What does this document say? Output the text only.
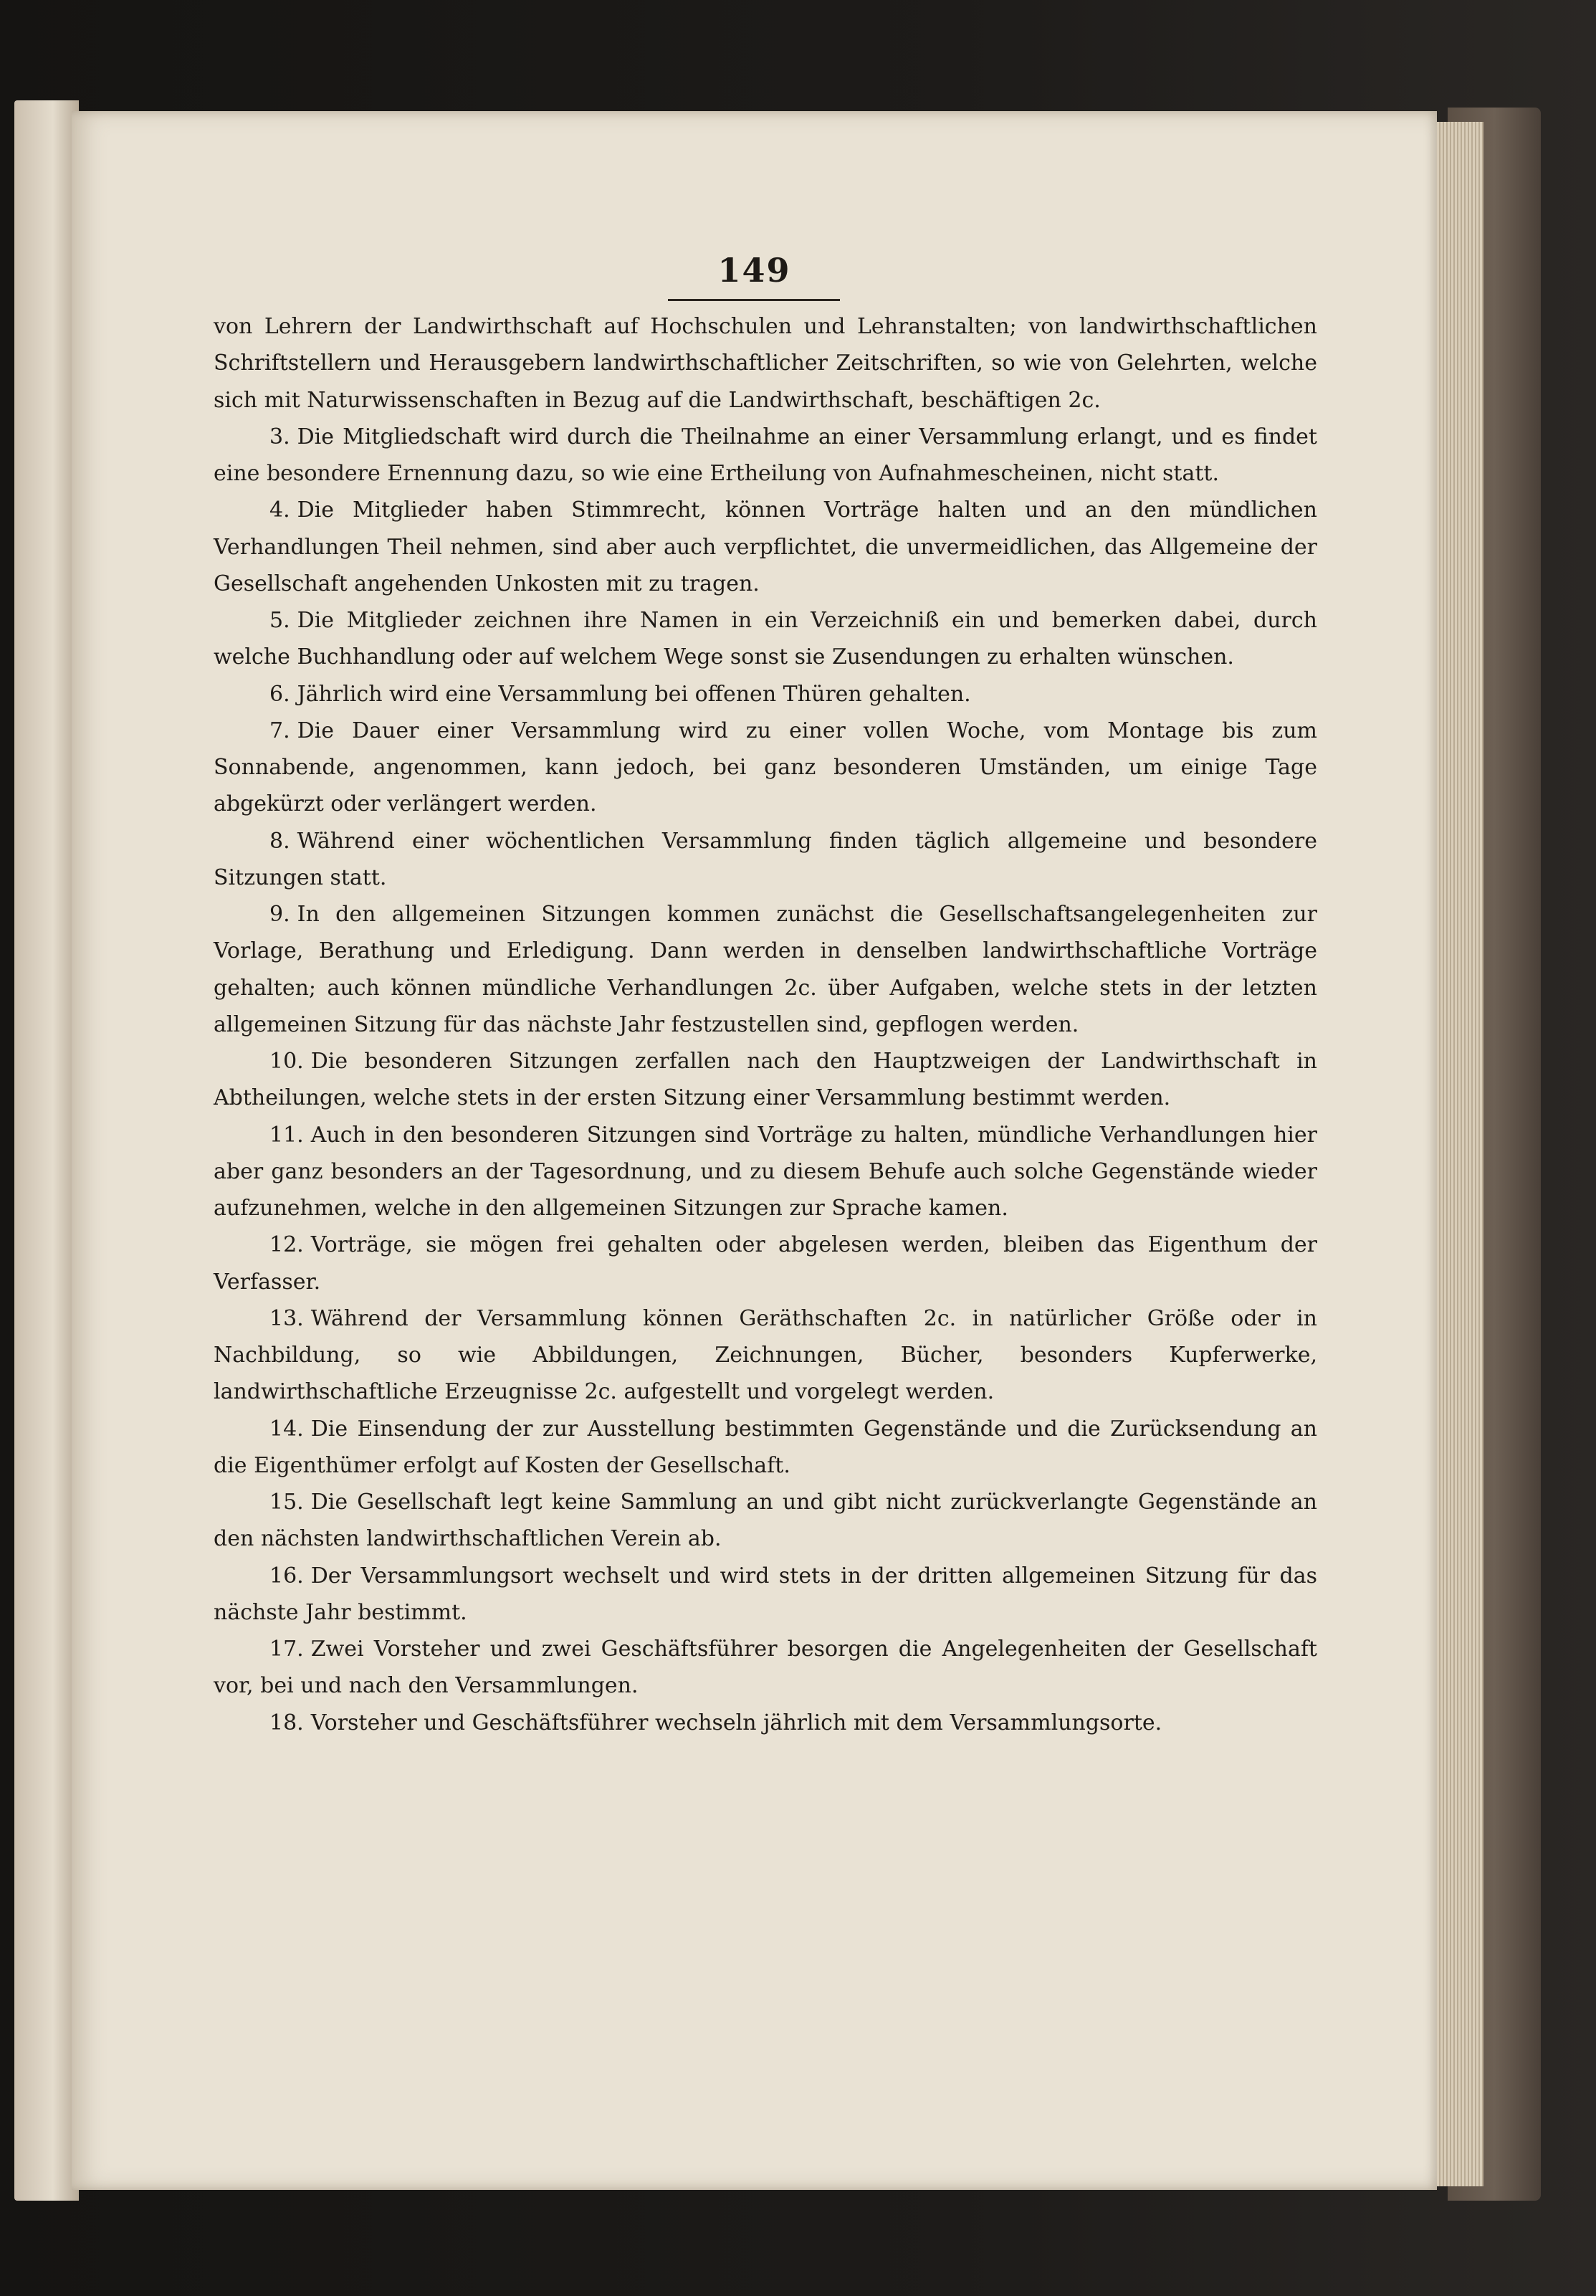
149

von Lehrern der Landwirthschaft auf Hochschulen und Lehranstalten; von landwirthschaftlichen Schriftstellern und Herausgebern landwirthschaftlicher Zeitschriften, so wie von Gelehrten, welche sich mit Naturwissenschaften in Bezug auf die Landwirthschaft, beschäftigen 2c.

3. Die Mitgliedschaft wird durch die Theilnahme an einer Versammlung erlangt, und es findet eine besondere Ernennung dazu, so wie eine Ertheilung von Aufnahmescheinen, nicht statt.

4. Die Mitglieder haben Stimmrecht, können Vorträge halten und an den mündlichen Verhandlungen Theil nehmen, sind aber auch verpflichtet, die unvermeidlichen, das Allgemeine der Gesellschaft angehenden Unkosten mit zu tragen.

5. Die Mitglieder zeichnen ihre Namen in ein Verzeichniß ein und bemerken dabei, durch welche Buchhandlung oder auf welchem Wege sonst sie Zusendungen zu erhalten wünschen.

6. Jährlich wird eine Versammlung bei offenen Thüren gehalten.

7. Die Dauer einer Versammlung wird zu einer vollen Woche, vom Montage bis zum Sonnabende, angenommen, kann jedoch, bei ganz besonderen Umständen, um einige Tage abgekürzt oder verlängert werden.

8. Während einer wöchentlichen Versammlung finden täglich allgemeine und besondere Sitzungen statt.

9. In den allgemeinen Sitzungen kommen zunächst die Gesellschaftsangelegenheiten zur Vorlage, Berathung und Erledigung. Dann werden in denselben landwirthschaftliche Vorträge gehalten; auch können mündliche Verhandlungen 2c. über Aufgaben, welche stets in der letzten allgemeinen Sitzung für das nächste Jahr festzustellen sind, gepflogen werden.

10. Die besonderen Sitzungen zerfallen nach den Hauptzweigen der Landwirthschaft in Abtheilungen, welche stets in der ersten Sitzung einer Versammlung bestimmt werden.

11. Auch in den besonderen Sitzungen sind Vorträge zu halten, mündliche Verhandlungen hier aber ganz besonders an der Tagesordnung, und zu diesem Behufe auch solche Gegenstände wieder aufzunehmen, welche in den allgemeinen Sitzungen zur Sprache kamen.

12. Vorträge, sie mögen frei gehalten oder abgelesen werden, bleiben das Eigenthum der Verfasser.

13. Während der Versammlung können Geräthschaften 2c. in natürlicher Größe oder in Nachbildung, so wie Abbildungen, Zeichnungen, Bücher, besonders Kupferwerke, landwirthschaftliche Erzeugnisse 2c. aufgestellt und vorgelegt werden.

14. Die Einsendung der zur Ausstellung bestimmten Gegenstände und die Zurücksendung an die Eigenthümer erfolgt auf Kosten der Gesellschaft.

15. Die Gesellschaft legt keine Sammlung an und gibt nicht zurückverlangte Gegenstände an den nächsten landwirthschaftlichen Verein ab.

16. Der Versammlungsort wechselt und wird stets in der dritten allgemeinen Sitzung für das nächste Jahr bestimmt.

17. Zwei Vorsteher und zwei Geschäftsführer besorgen die Angelegenheiten der Gesellschaft vor, bei und nach den Versammlungen.

18. Vorsteher und Geschäftsführer wechseln jährlich mit dem Versammlungsorte.
